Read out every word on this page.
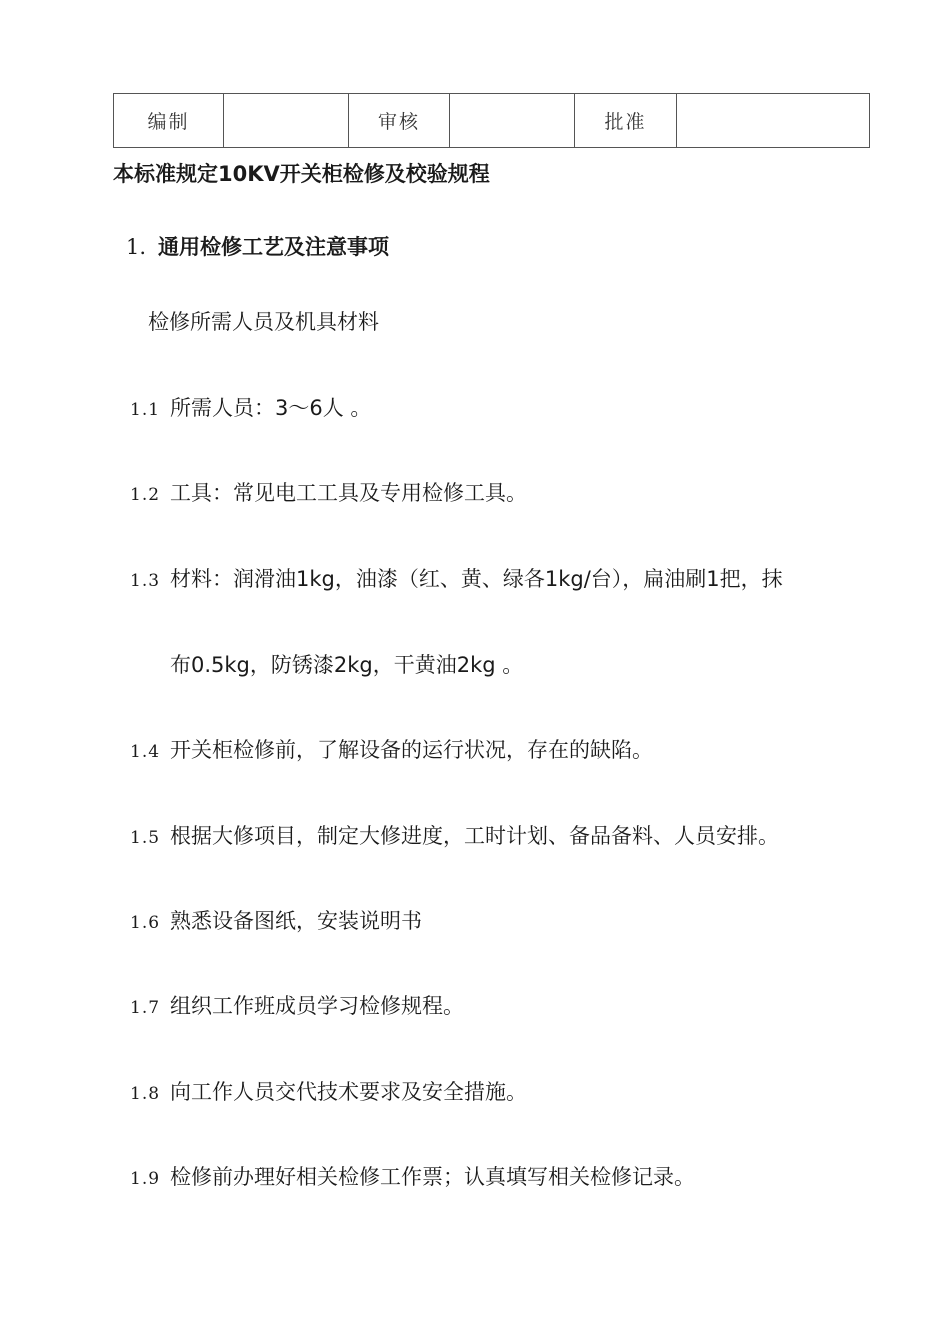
编制		审核		批准	
本标准规定10KV开关柜检修及校验规程
1. 通用检修工艺及注意事项
检修所需人员及机具材料
1.1 所需人员：3～6人 。
1.2 工具：常见电工工具及专用检修工具。
1.3 材料：润滑油1kg，油漆（红、黄、绿各1kg/台），扁油刷1把，抹
布0.5kg，防锈漆2kg，干黄油2kg 。
1.4 开关柜检修前，了解设备的运行状况，存在的缺陷。
1.5 根据大修项目，制定大修进度，工时计划、备品备料、人员安排。
1.6 熟悉设备图纸，安装说明书
1.7 组织工作班成员学习检修规程。
1.8 向工作人员交代技术要求及安全措施。
1.9 检修前办理好相关检修工作票；认真填写相关检修记录。
